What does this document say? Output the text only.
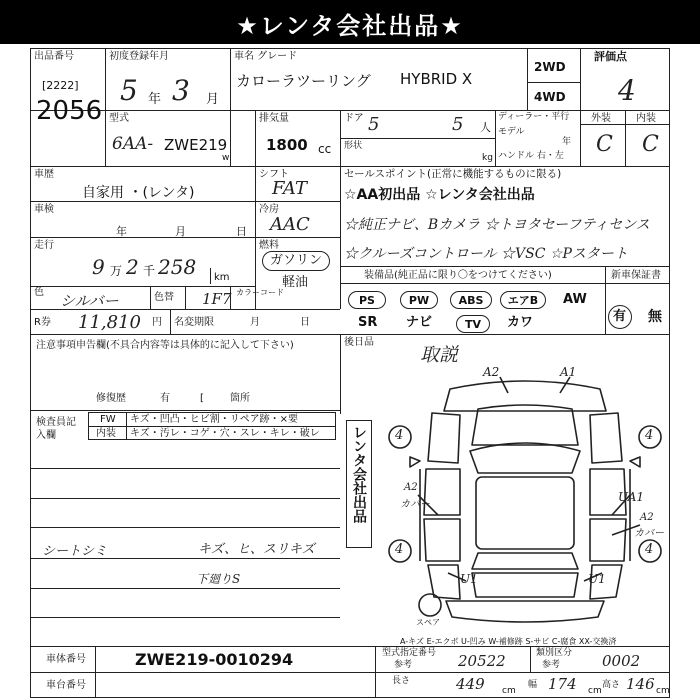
★レンタ会社出品★
出品番号
[2222]
2056
初度登録年月
5 年 3 月
車名 グレード
カローラツーリング HYBRID X
2WD
4WD
評価点
4
型式
6AA- ZWE219
w
排気量
1800 cc
ドア 5	5 人
形状
kg
ディーラー・平行
モデル
年
ハンドル 右・左
外装	内装
C C
車歴
自家用 ・(レンタ)
シフト
FAT
車検
年	月	日
冷房
AAC
走行
9 万 2 千 258 km
燃料
ガソリン
軽油
色 シルバー	色替 1F7 カラーコード
R券 11,810 円 名変期限	月	日
セールスポイント(正常に機能するものに限る)
☆AA初出品 ☆レンタ会社出品
☆純正ナビ、Bカメラ ☆トヨタセーフティセンス
☆クルーズコントロール ☆VSC ☆Pスタート
装備品(純正品に限り〇をつけてください)	新車保証書
PS	PW	ABS	エアB	AW
SR ナビ	TV	カワ	有 無
後日品
取説
注意事項申告欄(不具合内容等は具体的に記入して下さい)
修復歴	有	[	箇所
検査員記入欄
FW キズ・凹凸・ヒビ割・リペア跡・×要
内装 キズ・汚レ・コゲ・穴・スレ・キレ・破レ レンタ会社出品
シートシミ	キズ、ヒ、スリキズ
下廻りS
A2	A1
A2
カバー
UA1
A2
カバー
U1	U1
4	4
4	4
スペア
A-キズ E-エクボ U-凹み W-補修跡 S-サビ C-腐食 XX-交換済
車体番号	ZWE219-0010294
車台番号
型式指定番号
参考	20522	類別区分
参考	0002
長さ	449 cm
幅 174 cm
高さ 146 cm
